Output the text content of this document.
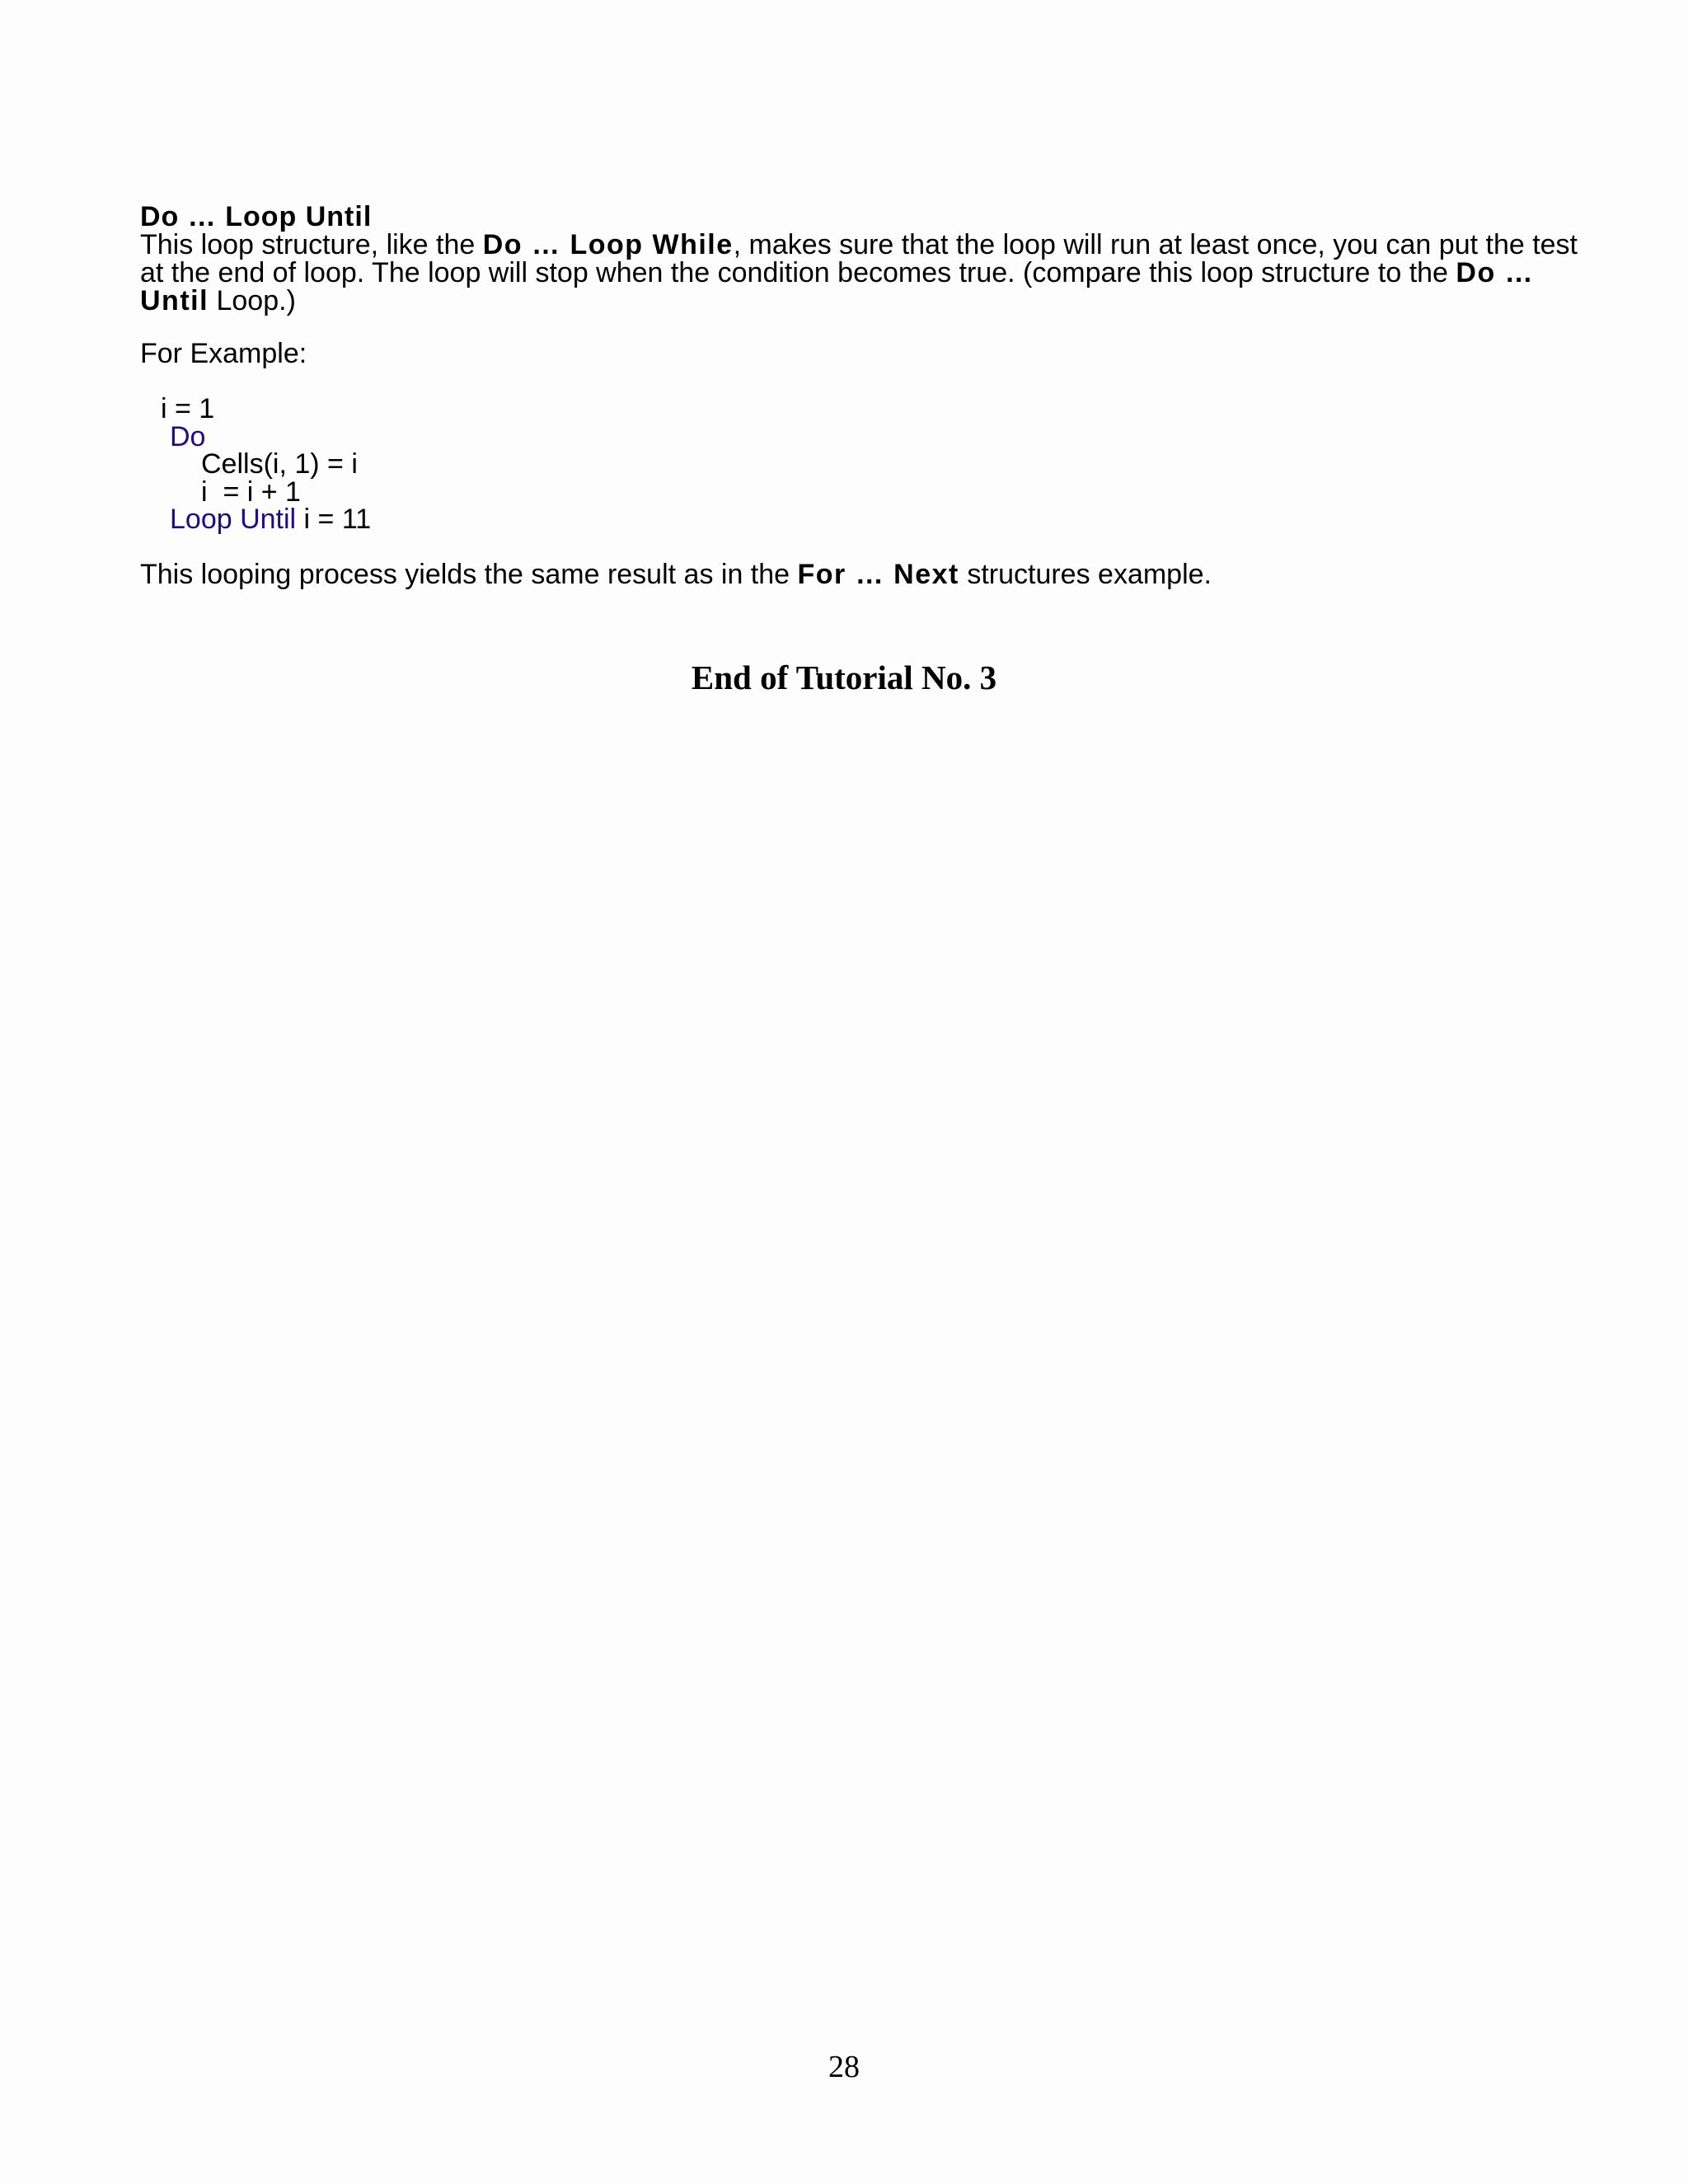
Do … Loop Until
This loop structure, like the Do … Loop While, makes sure that the loop will run at least once, you can put the test
at the end of loop. The loop will stop when the condition becomes true. (compare this loop structure to the Do …
Until Loop.)
For Example:
i = 1
Do
Cells(i, 1) = i
i  = i + 1
Loop Until i = 11
This looping process yields the same result as in the For … Next structures example.
End of Tutorial No. 3
28
